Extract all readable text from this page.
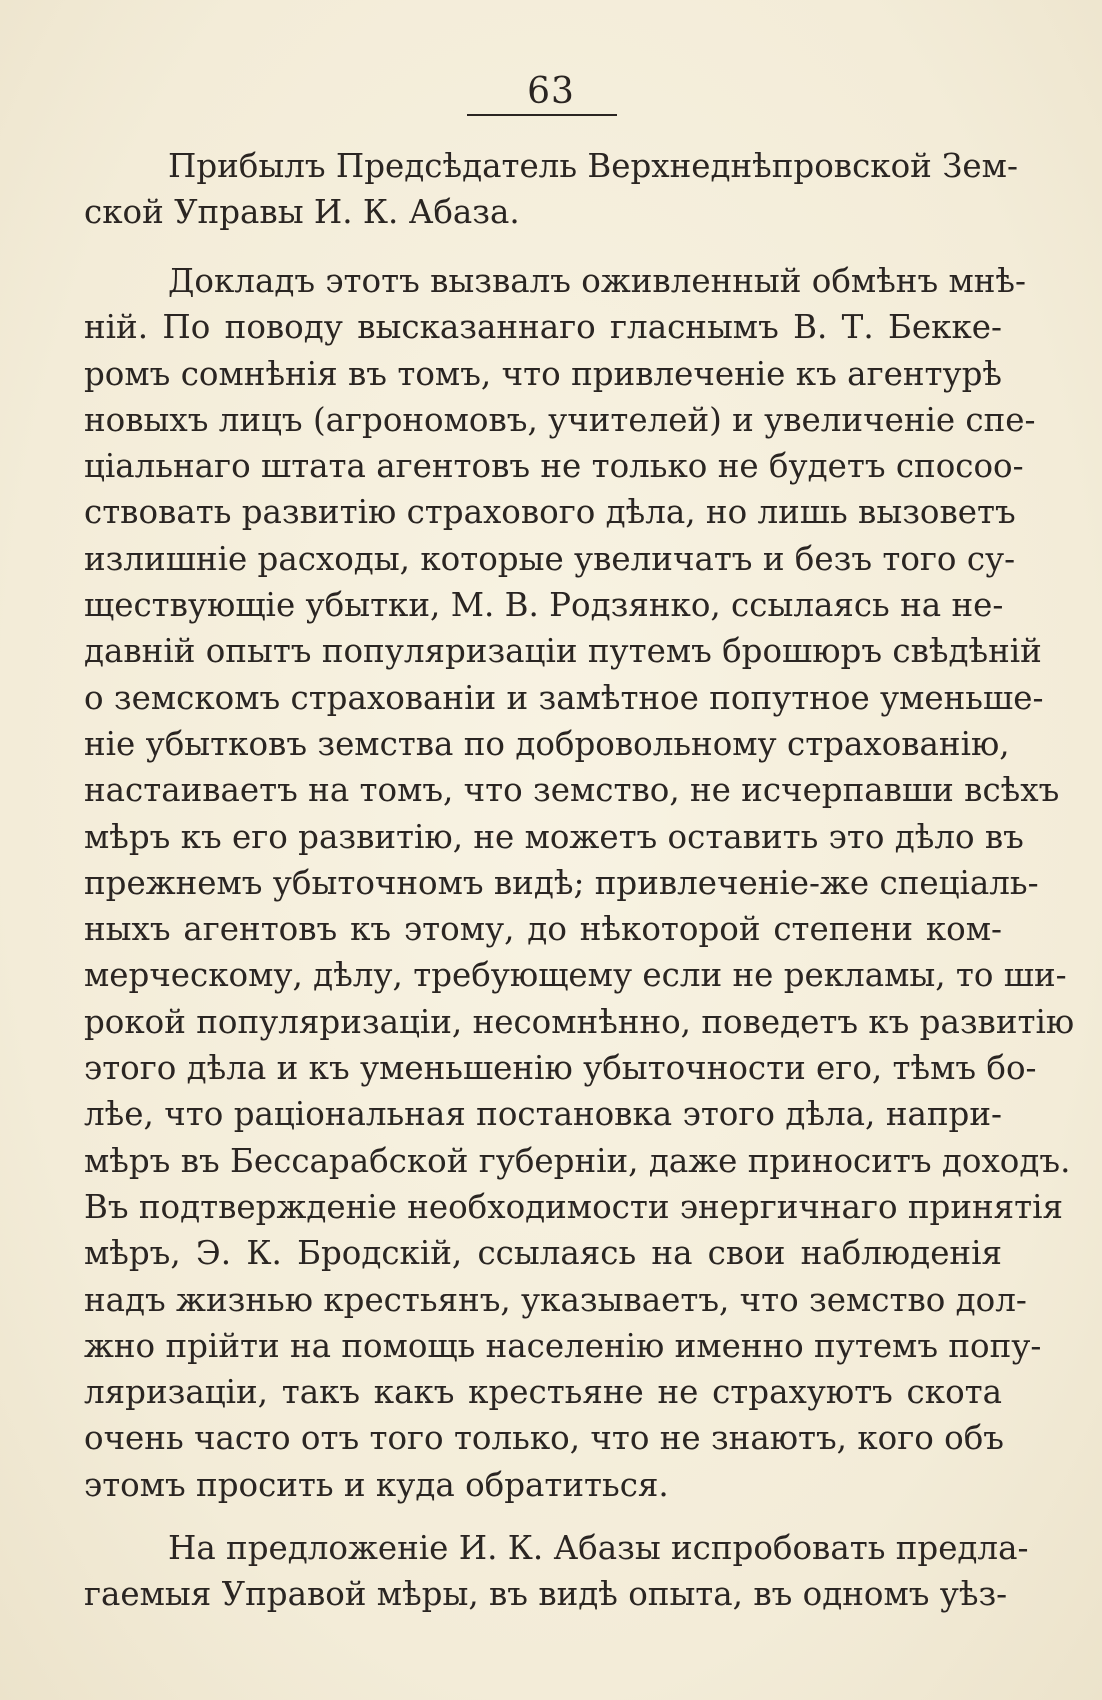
63
Прибылъ Предсѣдатель Верхнеднѣпровской Зем-
ской Управы И. К. Абаза.
Докладъ этотъ вызвалъ оживленный обмѣнъ мнѣ-
ній. По поводу высказаннаго гласнымъ В. Т. Бекке-
ромъ сомнѣнія въ томъ, что привлеченіе къ агентурѣ
новыхъ лицъ (агрономовъ, учителей) и увеличеніе спе-
ціальнаго штата агентовъ не только не будетъ спосоо-
ствовать развитію страхового дѣла, но лишь вызоветъ
излишніе расходы, которые увеличатъ и безъ того су-
ществующіе убытки, М. В. Родзянко, ссылаясь на не-
давній опытъ популяризаціи путемъ брошюръ свѣдѣній
о земскомъ страхованіи и замѣтное попутное уменьше-
ніе убытковъ земства по добровольному страхованію,
настаиваетъ на томъ, что земство, не исчерпавши всѣхъ
мѣръ къ его развитію, не можетъ оставить это дѣло въ
прежнемъ убыточномъ видѣ; привлеченіе-же спеціаль-
ныхъ агентовъ къ этому, до нѣкоторой степени ком-
мерческому, дѣлу, требующему если не рекламы, то ши-
рокой популяризаціи, несомнѣнно, поведетъ къ развитію
этого дѣла и къ уменьшенію убыточности его, тѣмъ бо-
лѣе, что раціональная постановка этого дѣла, напри-
мѣръ въ Бессарабской губерніи, даже приноситъ доходъ.
Въ подтвержденіе необходимости энергичнаго принятія
мѣръ, Э. К. Бродскій, ссылаясь на свои наблюденія
надъ жизнью крестьянъ, указываетъ, что земство дол-
жно прійти на помощь населенію именно путемъ попу-
ляризаціи, такъ какъ крестьяне не страхуютъ скота
очень часто отъ того только, что не знаютъ, кого объ
этомъ просить и куда обратиться.
На предложеніе И. К. Абазы испробовать предла-
гаемыя Управой мѣры, въ видѣ опыта, въ одномъ уѣз-
